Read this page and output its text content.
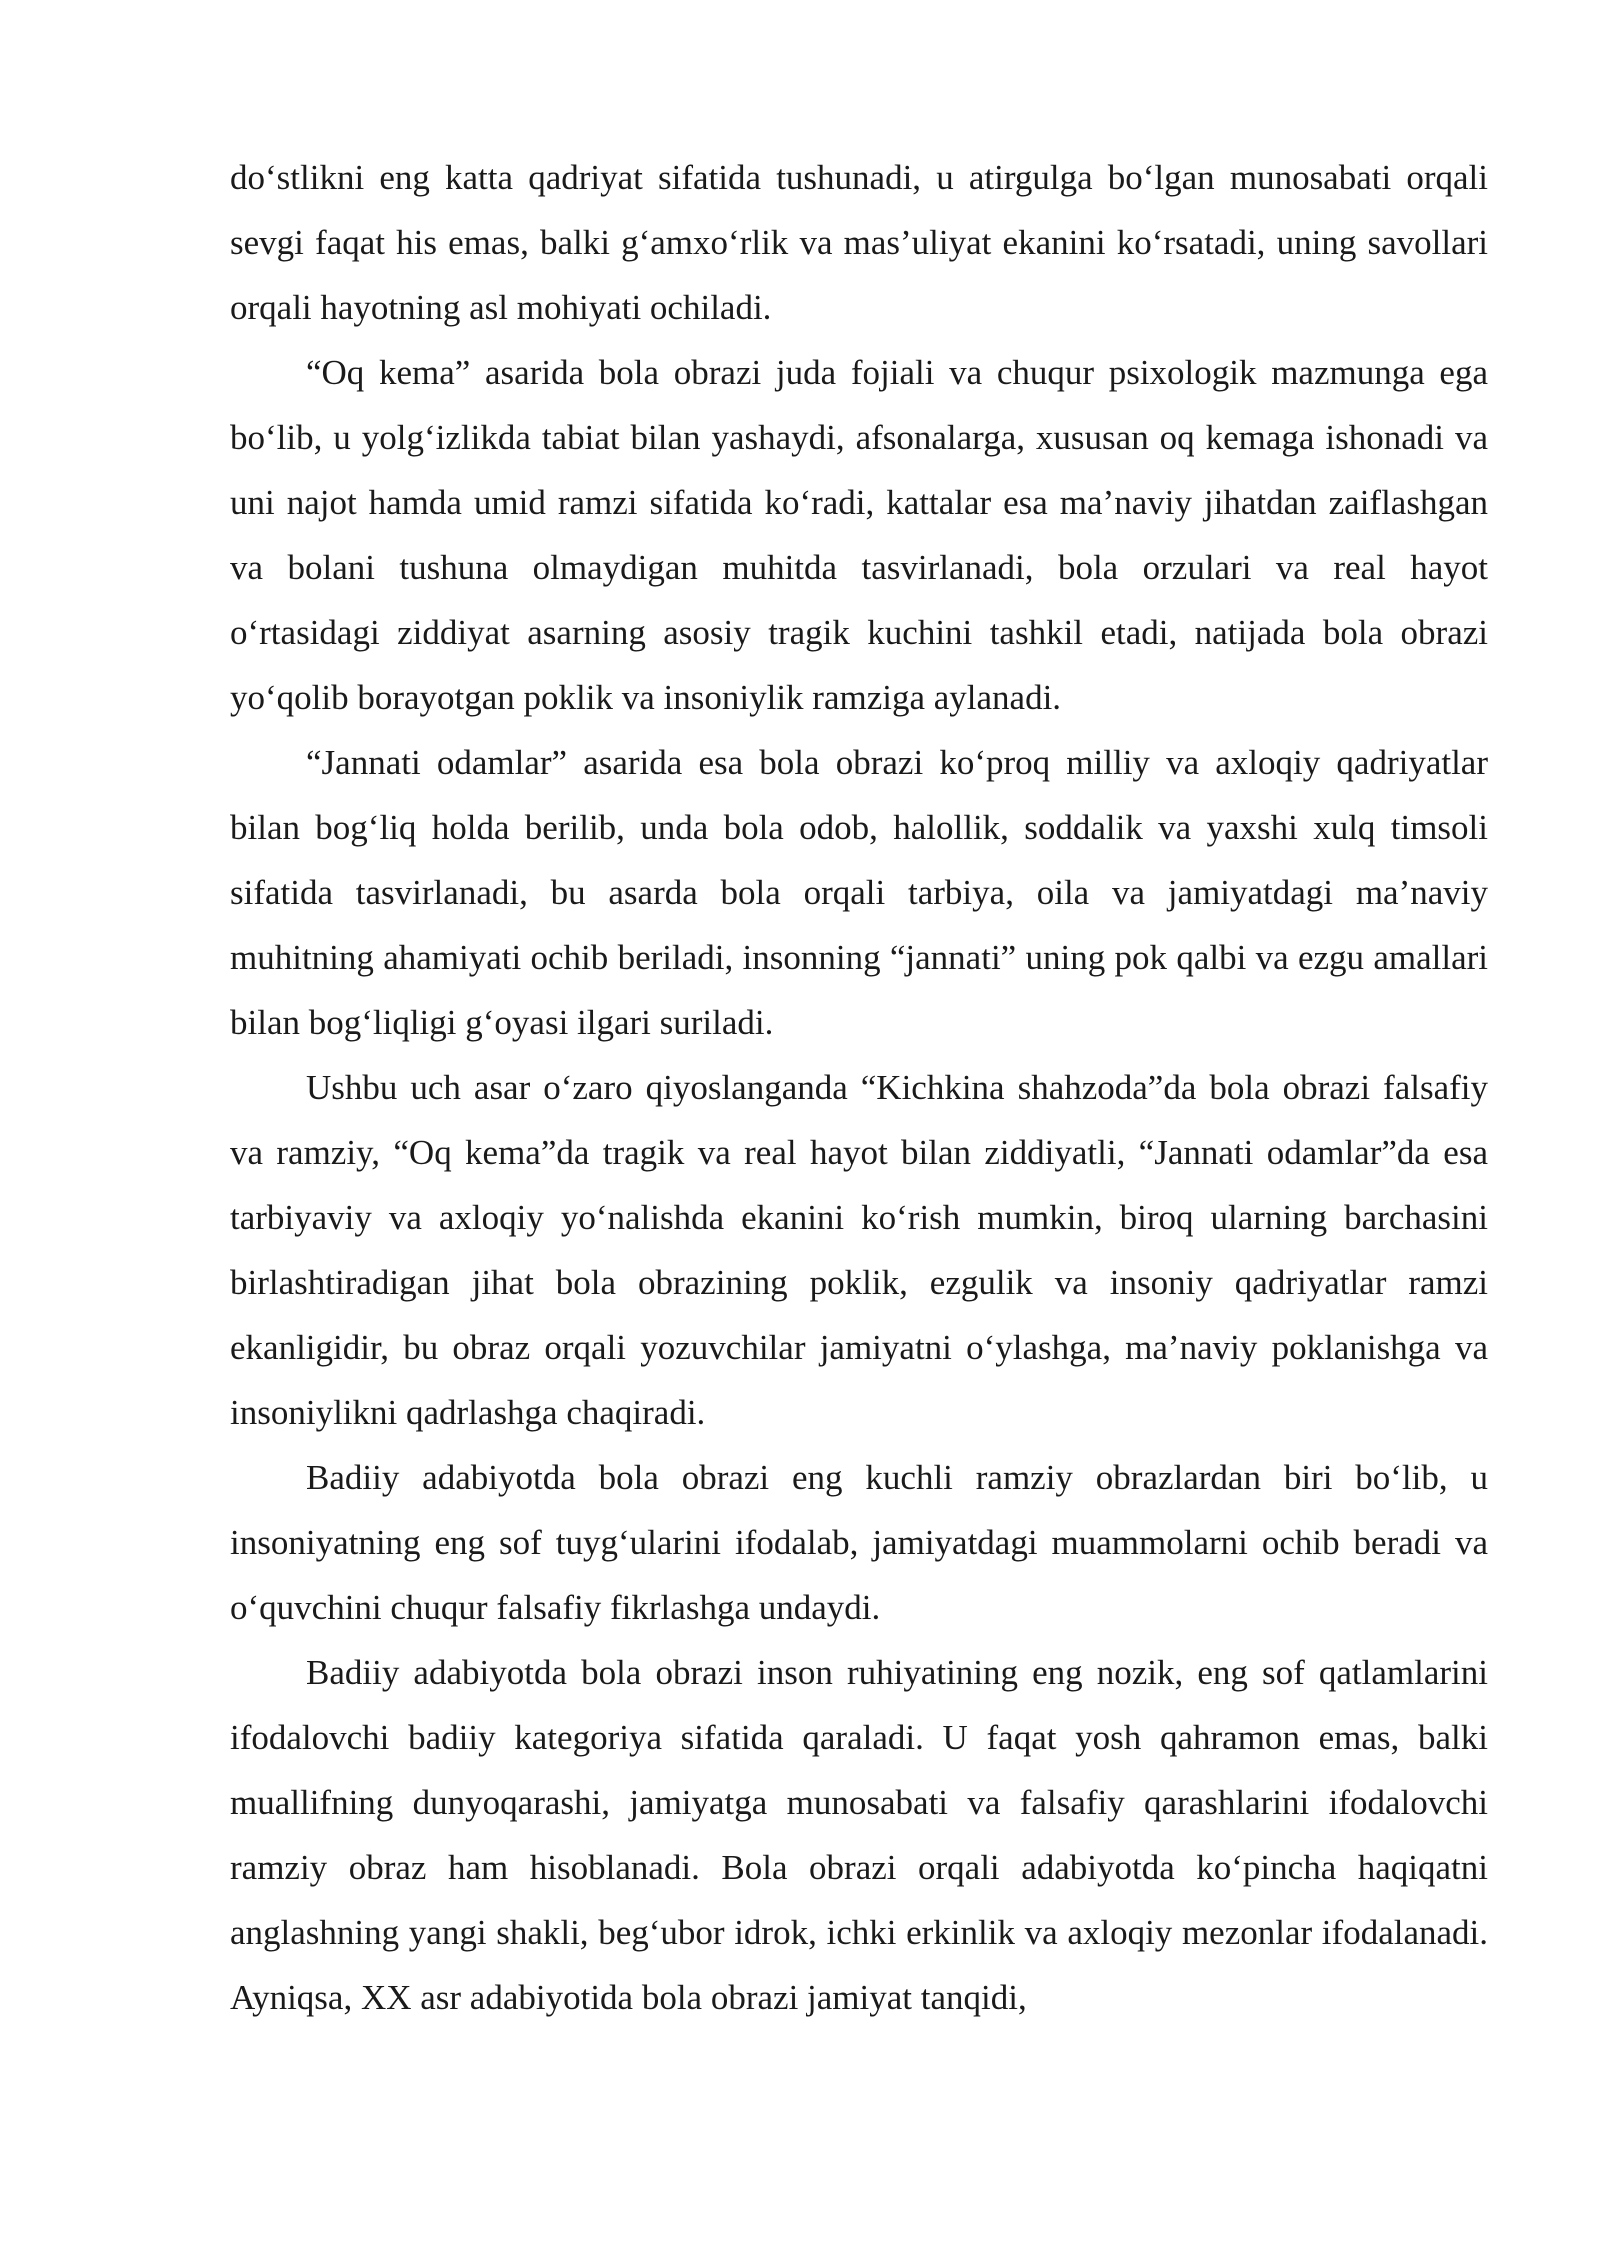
do‘stlikni eng katta qadriyat sifatida tushunadi, u atirgulga bo‘lgan munosabati orqali sevgi faqat his emas, balki g‘amxo‘rlik va mas’uliyat ekanini ko‘rsatadi, uning savollari orqali hayotning asl mohiyati ochiladi.

“Oq kema” asarida bola obrazi juda fojiali va chuqur psixologik mazmunga ega bo‘lib, u yolg‘izlikda tabiat bilan yashaydi, afsonalarga, xususan oq kemaga ishonadi va uni najot hamda umid ramzi sifatida ko‘radi, kattalar esa ma’naviy jihatdan zaiflashgan va bolani tushuna olmaydigan muhitda tasvirlanadi, bola orzulari va real hayot o‘rtasidagi ziddiyat asarning asosiy tragik kuchini tashkil etadi, natijada bola obrazi yo‘qolib borayotgan poklik va insoniylik ramziga aylanadi.

“Jannati odamlar” asarida esa bola obrazi ko‘proq milliy va axloqiy qadriyatlar bilan bog‘liq holda berilib, unda bola odob, halollik, soddalik va yaxshi xulq timsoli sifatida tasvirlanadi, bu asarda bola orqali tarbiya, oila va jamiyatdagi ma’naviy muhitning ahamiyati ochib beriladi, insonning “jannati” uning pok qalbi va ezgu amallari bilan bog‘liqligi g‘oyasi ilgari suriladi.

Ushbu uch asar o‘zaro qiyoslanganda “Kichkina shahzoda”da bola obrazi falsafiy va ramziy, “Oq kema”da tragik va real hayot bilan ziddiyatli, “Jannati odamlar”da esa tarbiyaviy va axloqiy yo‘nalishda ekanini ko‘rish mumkin, biroq ularning barchasini birlashtiradigan jihat bola obrazining poklik, ezgulik va insoniy qadriyatlar ramzi ekanligidir, bu obraz orqali yozuvchilar jamiyatni o‘ylashga, ma’naviy poklanishga va insoniylikni qadrlashga chaqiradi.

Badiiy adabiyotda bola obrazi eng kuchli ramziy obrazlardan biri bo‘lib, u insoniyatning eng sof tuyg‘ularini ifodalab, jamiyatdagi muammolarni ochib beradi va o‘quvchini chuqur falsafiy fikrlashga undaydi.

Badiiy adabiyotda bola obrazi inson ruhiyatining eng nozik, eng sof qatlamlarini ifodalovchi badiiy kategoriya sifatida qaraladi. U faqat yosh qahramon emas, balki muallifning dunyoqarashi, jamiyatga munosabati va falsafiy qarashlarini ifodalovchi ramziy obraz ham hisoblanadi. Bola obrazi orqali adabiyotda ko‘pincha haqiqatni anglashning yangi shakli, beg‘ubor idrok, ichki erkinlik va axloqiy mezonlar ifodalanadi. Ayniqsa, XX asr adabiyotida bola obrazi jamiyat tanqidi,
